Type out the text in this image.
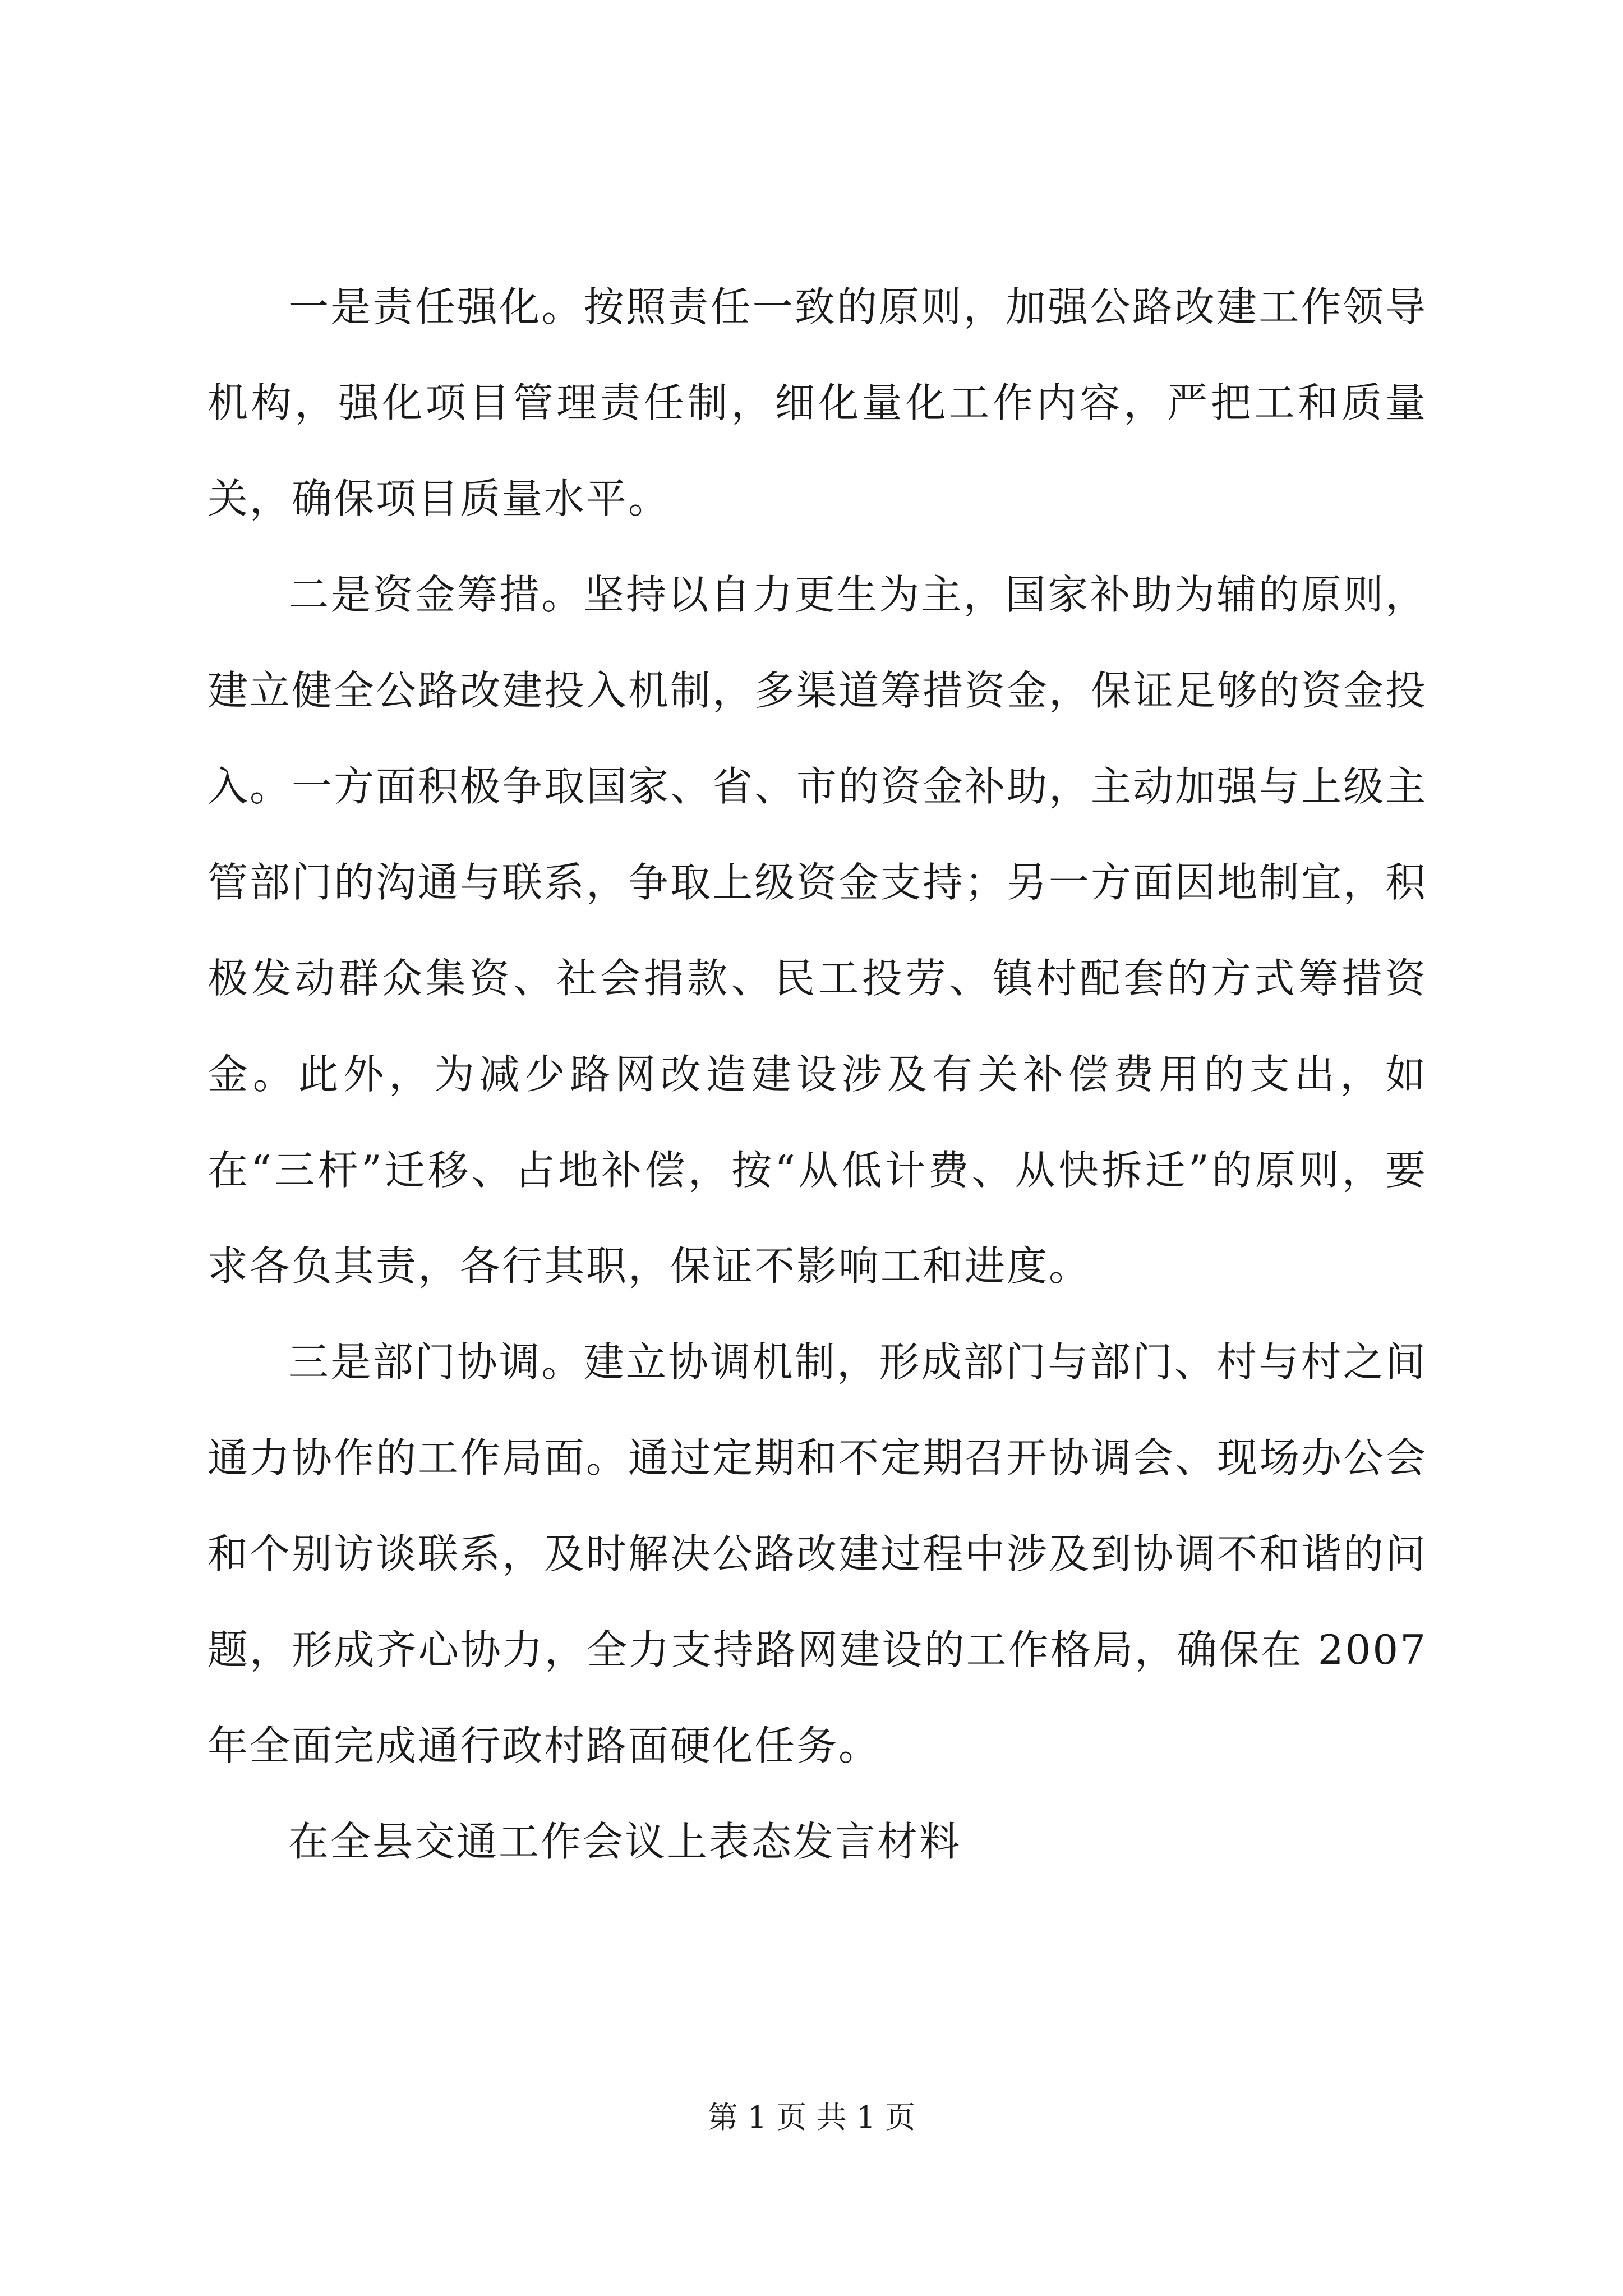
一是责任强化。按照责任一致的原则，加强公路改建工作领导机构，强化项目管理责任制，细化量化工作内容，严把工和质量关，确保项目质量水平。

二是资金筹措。坚持以自力更生为主，国家补助为辅的原则，建立健全公路改建投入机制，多渠道筹措资金，保证足够的资金投入。一方面积极争取国家、省、市的资金补助，主动加强与上级主管部门的沟通与联系，争取上级资金支持；另一方面因地制宜，积极发动群众集资、社会捐款、民工投劳、镇村配套的方式筹措资金。此外，为减少路网改造建设涉及有关补偿费用的支出，如在“三杆”迁移、占地补偿，按“从低计费、从快拆迁”的原则，要求各负其责，各行其职，保证不影响工和进度。

三是部门协调。建立协调机制，形成部门与部门、村与村之间通力协作的工作局面。通过定期和不定期召开协调会、现场办公会和个别访谈联系，及时解决公路改建过程中涉及到协调不和谐的问题，形成齐心协力，全力支持路网建设的工作格局，确保在 2007 年全面完成通行政村路面硬化任务。

在全县交通工作会议上表态发言材料

第 1 页 共 1 页
